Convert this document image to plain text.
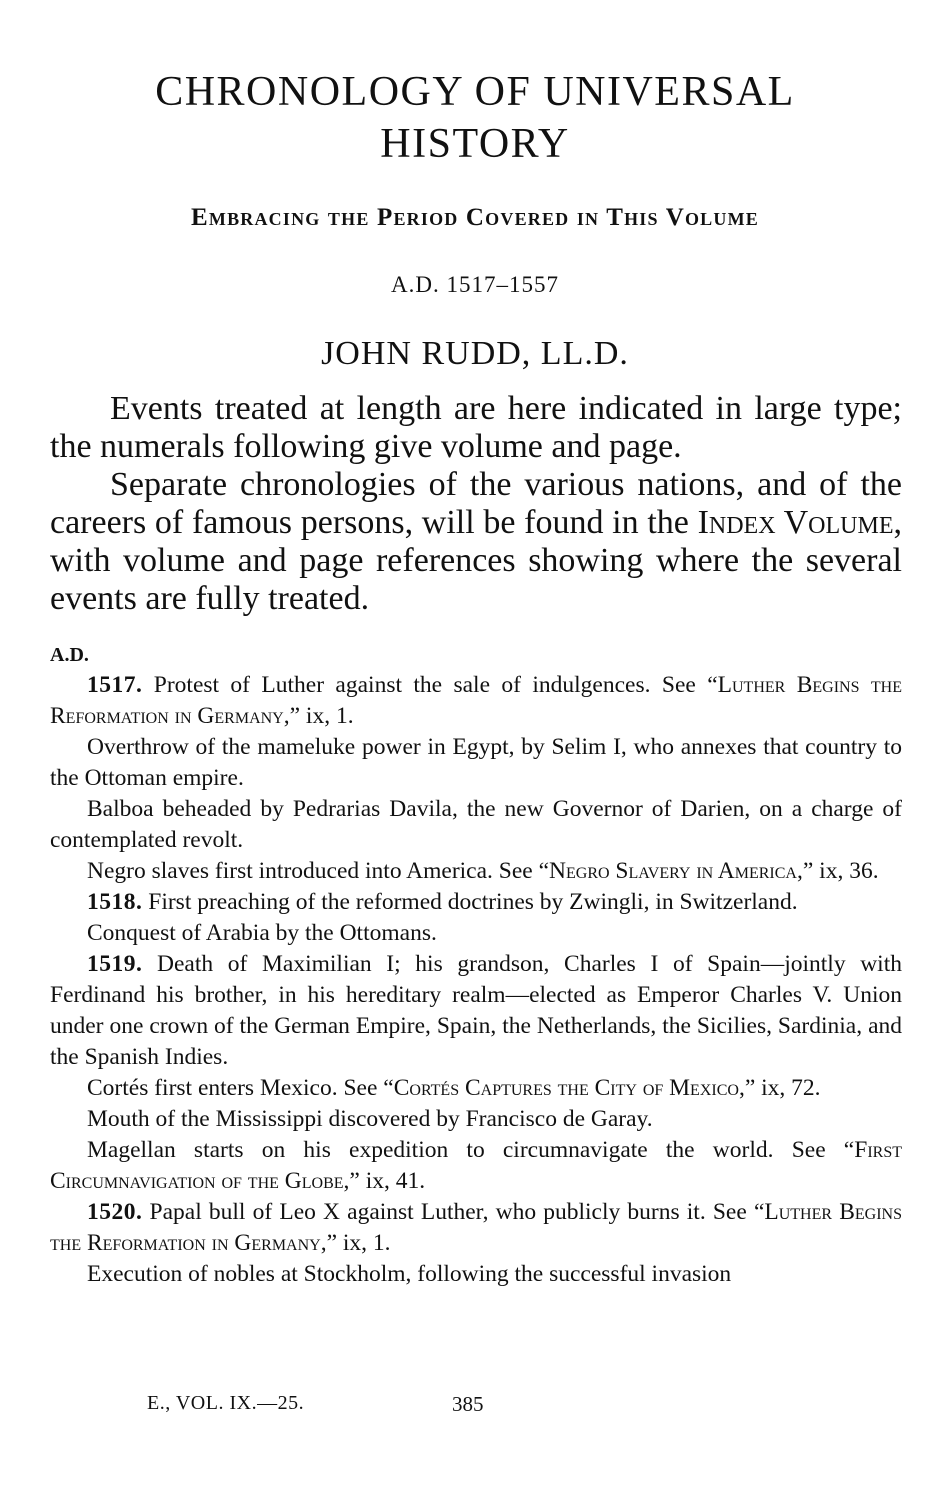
CHRONOLOGY OF UNIVERSAL
HISTORY
Embracing the Period Covered in This Volume
A.D. 1517–1557
JOHN RUDD, LL.D.

Events treated at length are here indicated in large type; the numerals following give volume and page.

Separate chronologies of the various nations, and of the careers of famous persons, will be found in the Index Volume, with volume and page references showing where the several events are fully treated.

A.D.

1517. Protest of Luther against the sale of indulgences. See “Luther Begins the Reformation in Germany,” ix, 1.

Overthrow of the mameluke power in Egypt, by Selim I, who annexes that country to the Ottoman empire.

Balboa beheaded by Pedrarias Davila, the new Governor of Darien, on a charge of contemplated revolt.

Negro slaves first introduced into America. See “Negro Slavery in America,” ix, 36.

1518. First preaching of the reformed doctrines by Zwingli, in Switzerland.

Conquest of Arabia by the Ottomans.

1519. Death of Maximilian I; his grandson, Charles I of Spain—jointly with Ferdinand his brother, in his hereditary realm—elected as Emperor Charles V. Union under one crown of the German Empire, Spain, the Netherlands, the Sicilies, Sardinia, and the Spanish Indies.

Cortés first enters Mexico. See “Cortés Captures the City of Mexico,” ix, 72.

Mouth of the Mississippi discovered by Francisco de Garay.

Magellan starts on his expedition to circumnavigate the world. See “First Circumnavigation of the Globe,” ix, 41.

1520. Papal bull of Leo X against Luther, who publicly burns it. See “Luther Begins the Reformation in Germany,” ix, 1.

Execution of nobles at Stockholm, following the successful invasion

E., VOL. IX.—25.	385
